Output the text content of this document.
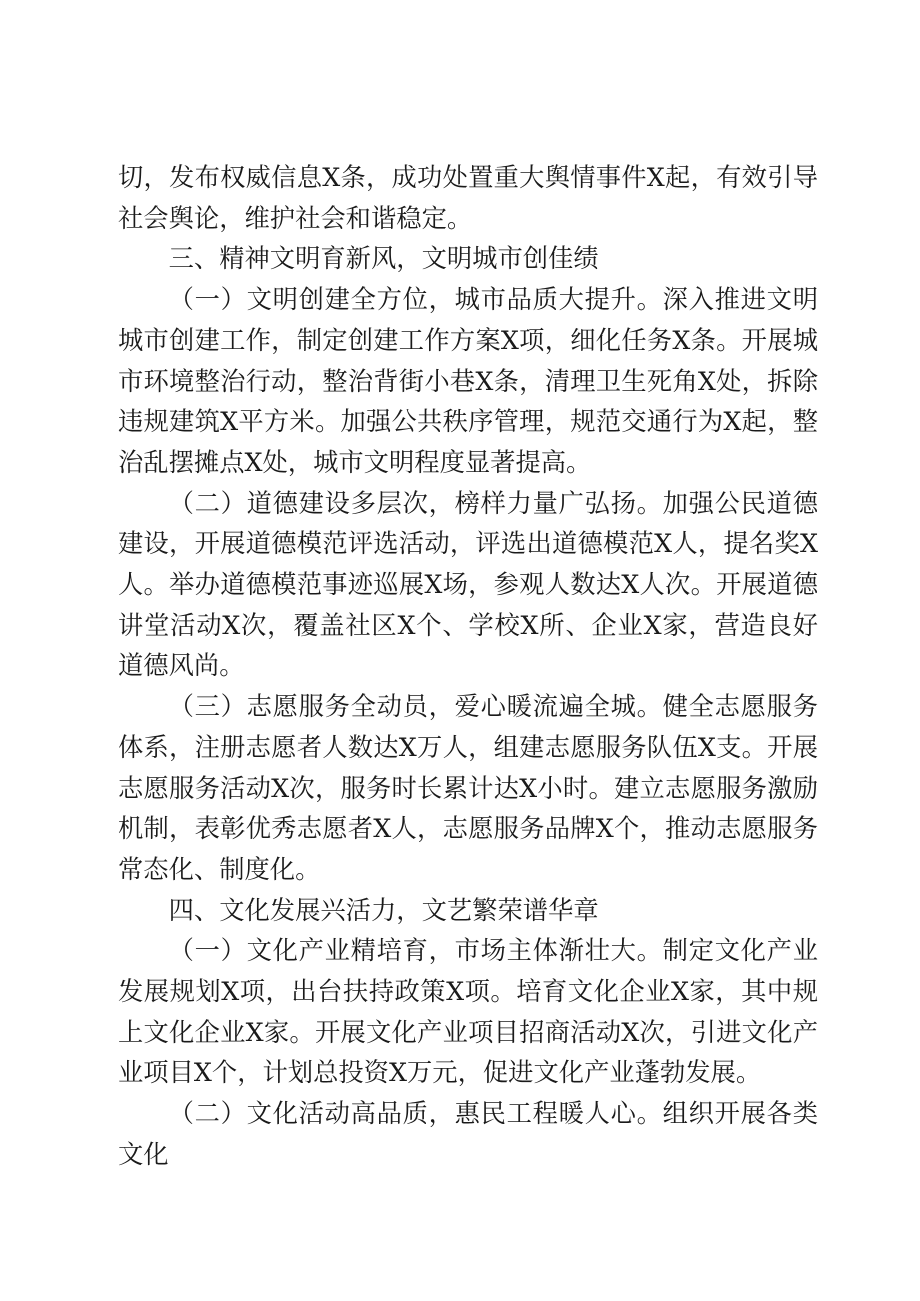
切，发布权威信息X条，成功处置重大舆情事件X起，有效引导社会舆论，维护社会和谐稳定。

三、精神文明育新风，文明城市创佳绩

（一）文明创建全方位，城市品质大提升。深入推进文明城市创建工作，制定创建工作方案X项，细化任务X条。开展城市环境整治行动，整治背街小巷X条，清理卫生死角X处，拆除违规建筑X平方米。加强公共秩序管理，规范交通行为X起，整治乱摆摊点X处，城市文明程度显著提高。

（二）道德建设多层次，榜样力量广弘扬。加强公民道德建设，开展道德模范评选活动，评选出道德模范X人，提名奖X人。举办道德模范事迹巡展X场，参观人数达X人次。开展道德讲堂活动X次，覆盖社区X个、学校X所、企业X家，营造良好道德风尚。

（三）志愿服务全动员，爱心暖流遍全城。健全志愿服务体系，注册志愿者人数达X万人，组建志愿服务队伍X支。开展志愿服务活动X次，服务时长累计达X小时。建立志愿服务激励机制，表彰优秀志愿者X人，志愿服务品牌X个，推动志愿服务常态化、制度化。

四、文化发展兴活力，文艺繁荣谱华章

（一）文化产业精培育，市场主体渐壮大。制定文化产业发展规划X项，出台扶持政策X项。培育文化企业X家，其中规上文化企业X家。开展文化产业项目招商活动X次，引进文化产业项目X个，计划总投资X万元，促进文化产业蓬勃发展。

（二）文化活动高品质，惠民工程暖人心。组织开展各类文化
